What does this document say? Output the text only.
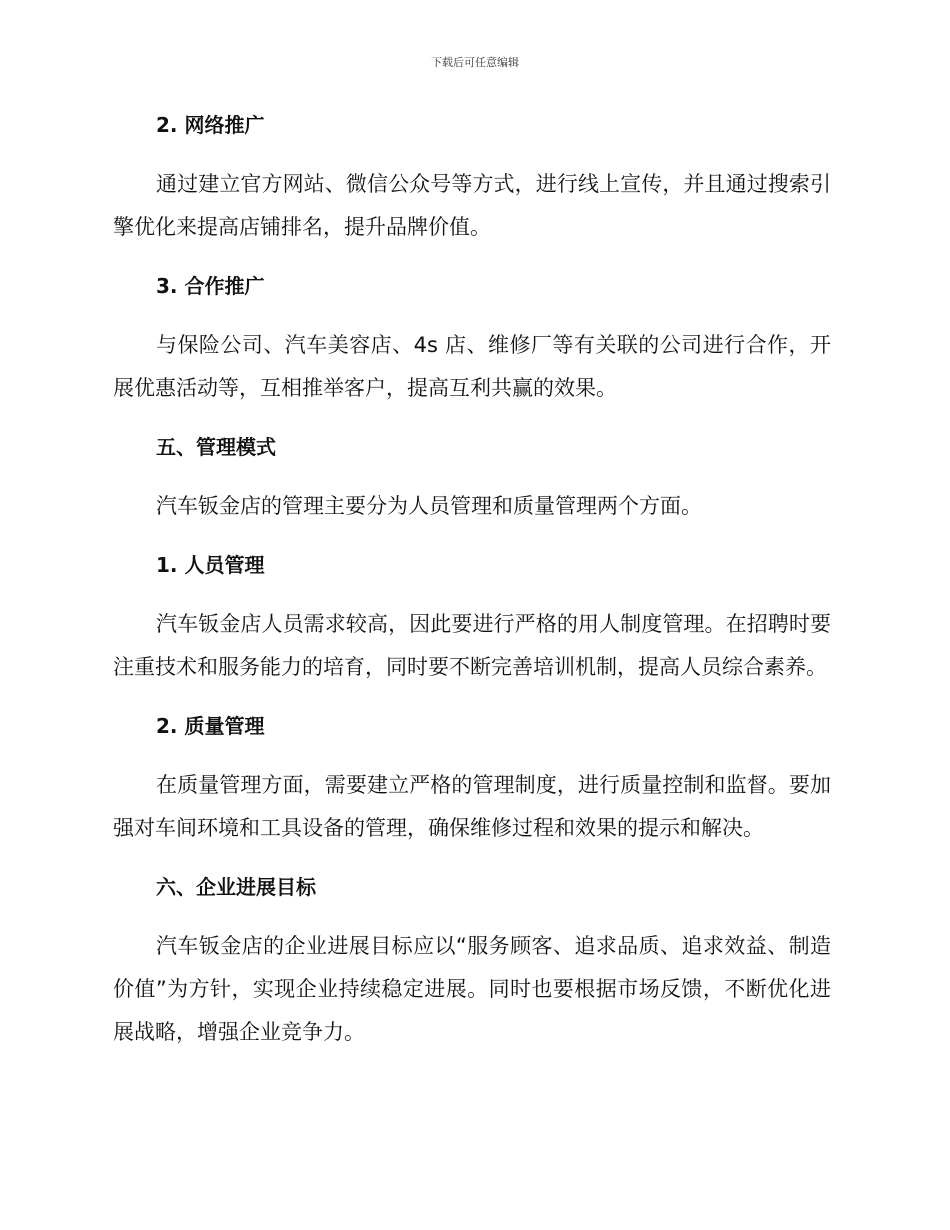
下载后可任意编辑
2. 网络推广

通过建立官方网站、微信公众号等方式，进行线上宣传，并且通过搜索引擎优化来提高店铺排名，提升品牌价值。

3. 合作推广

与保险公司、汽车美容店、4s 店、维修厂等有关联的公司进行合作，开展优惠活动等，互相推举客户，提高互利共赢的效果。

五、管理模式

汽车钣金店的管理主要分为人员管理和质量管理两个方面。

1. 人员管理

汽车钣金店人员需求较高，因此要进行严格的用人制度管理。在招聘时要注重技术和服务能力的培育，同时要不断完善培训机制，提高人员综合素养。

2. 质量管理

在质量管理方面，需要建立严格的管理制度，进行质量控制和监督。要加强对车间环境和工具设备的管理，确保维修过程和效果的提示和解决。

六、企业进展目标

汽车钣金店的企业进展目标应以“服务顾客、追求品质、追求效益、制造价值”为方针，实现企业持续稳定进展。同时也要根据市场反馈，不断优化进展战略，增强企业竞争力。
